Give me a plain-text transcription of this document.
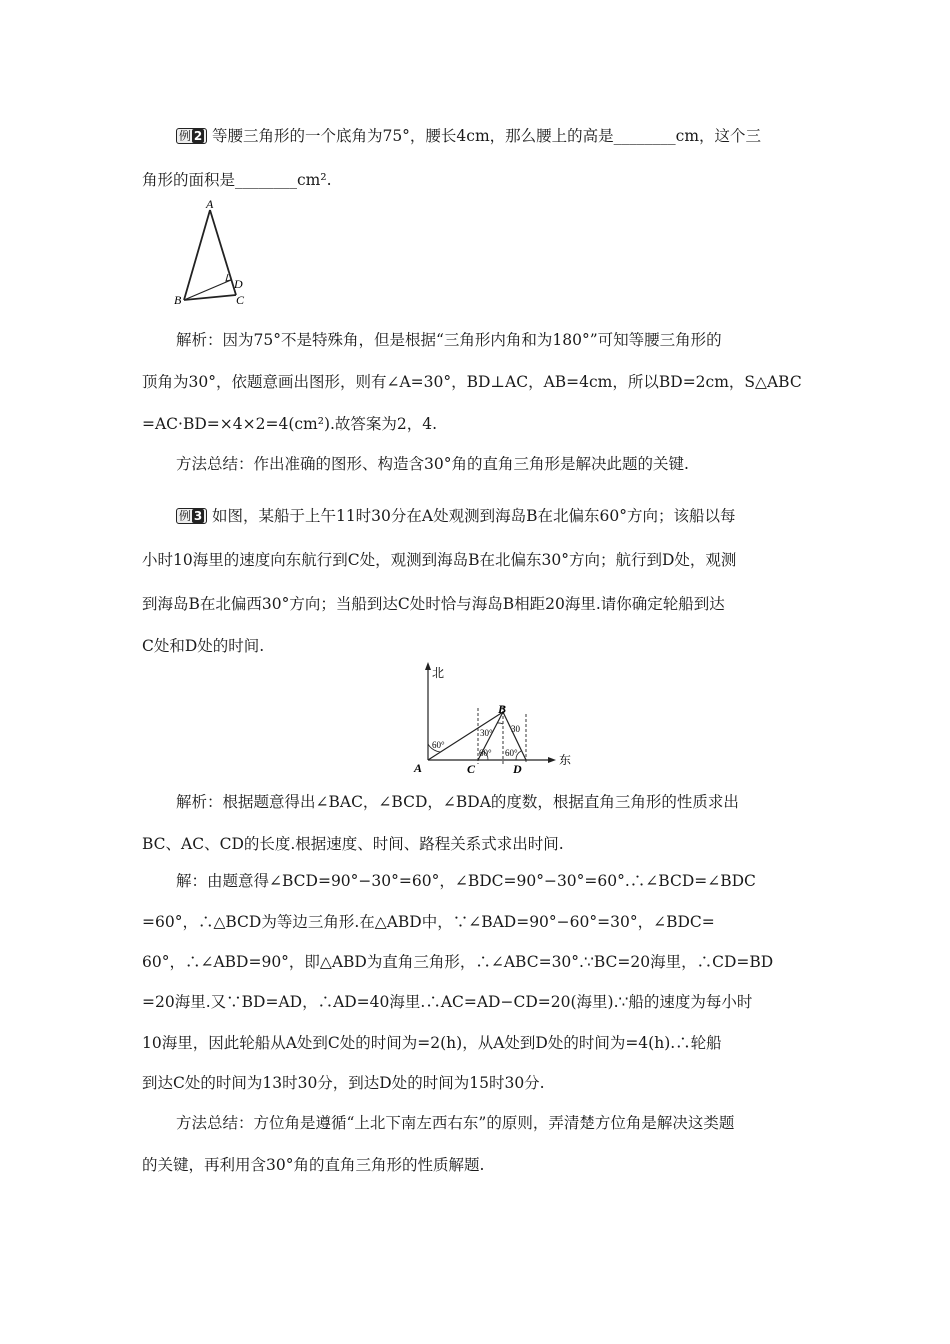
例 2 等腰三角形的一个底角为75°，腰长4cm，那么腰上的高是________cm，这个三
角形的面积是________cm².
A
B	C
D
解析：因为75°不是特殊角，但是根据“三角形内角和为180°”可知等腰三角形的
顶角为30°，依题意画出图形，则有∠A=30°，BD⊥AC，AB=4cm，所以BD=2cm，S△ABC
=AC·BD=×4×2=4(cm²).故答案为2，4.
方法总结：作出准确的图形、构造含30°角的直角三角形是解决此题的关键.
例 3 如图，某船于上午11时30分在A处观测到海岛B在北偏东60°方向；该船以每
小时10海里的速度向东航行到C处，观测到海岛B在北偏东30°方向；航行到D处，观测
到海岛B在北偏西30°方向；当船到达C处时恰与海岛B相距20海里.请你确定轮船到达
C处和D处的时间.
北
东
A
B
C	D
60°
30° 30
60° 60°
解析：根据题意得出∠BAC，∠BCD，∠BDA的度数，根据直角三角形的性质求出
BC、AC、CD的长度.根据速度、时间、路程关系式求出时间.
解：由题意得∠BCD=90°−30°=60°，∠BDC=90°−30°=60°.∴∠BCD=∠BDC
=60°，∴△BCD为等边三角形.在△ABD中，∵∠BAD=90°−60°=30°，∠BDC=
60°，∴∠ABD=90°，即△ABD为直角三角形，∴∠ABC=30°.∵BC=20海里，∴CD=BD
=20海里.又∵BD=AD，∴AD=40海里.∴AC=AD−CD=20(海里).∵船的速度为每小时
10海里，因此轮船从A处到C处的时间为=2(h)，从A处到D处的时间为=4(h).∴轮船
到达C处的时间为13时30分，到达D处的时间为15时30分.
方法总结：方位角是遵循“上北下南左西右东”的原则，弄清楚方位角是解决这类题
的关键，再利用含30°角的直角三角形的性质解题.
